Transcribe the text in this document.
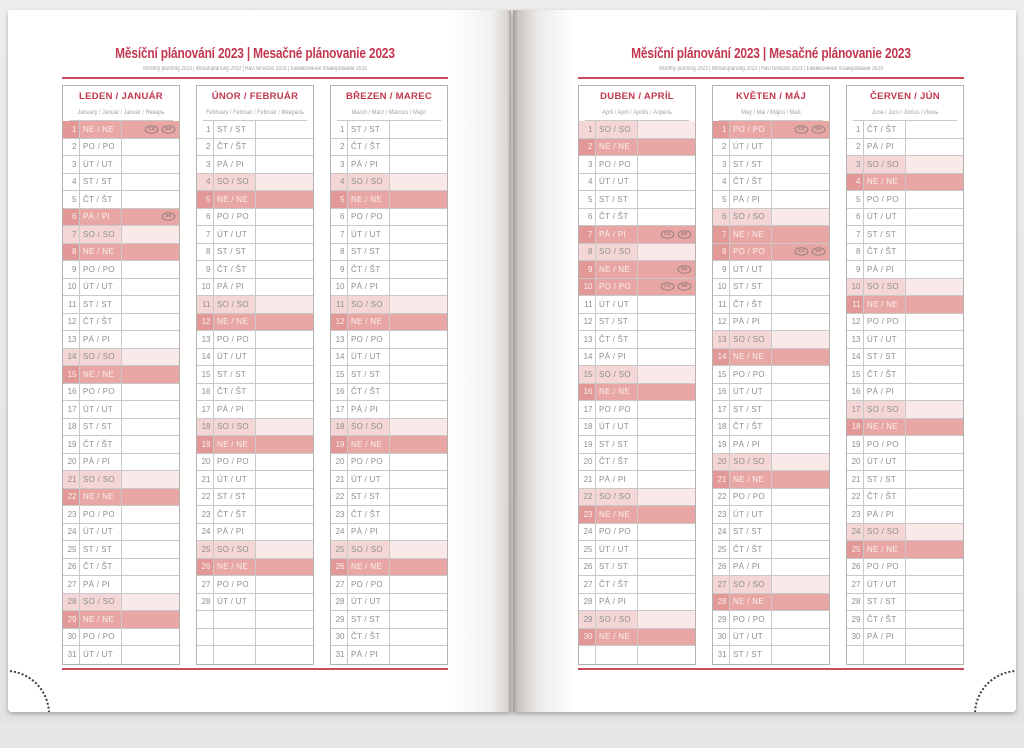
Měsíční plánování 2023 | Mesačné plánovanie 2023
Monthly planning 2023 | Monatsplanung 2023 | Havi tervezés 2023 | Ежемесячное планирование 2023
LEDEN / JANUÁR
January / Januar / Január / Январь
1 NE / NE	CZ	SK
2 PO / PO
3 ÚT / UT
4 ST / ST
5 ČT / ŠT
6 PÁ / PI	SK
7 SO / SO
8 NE / NE
9 PO / PO
10 ÚT / UT
11 ST / ST
12 ČT / ŠT
13 PÁ / PI
14 SO / SO
15 NE / NE
16 PO / PO
17 ÚT / UT
18 ST / ST
19 ČT / ŠT
20 PÁ / PI
21 SO / SO
22 NE / NE
23 PO / PO
24 ÚT / UT
25 ST / ST
26 ČT / ŠT
27 PÁ / PI
28 SO / SO
29 NE / NE
30 PO / PO
31 ÚT / UT
ÚNOR / FEBRUÁR
February / Februar / Február / Февраль
1 ST / ST
2 ČT / ŠT
3 PÁ / PI
4 SO / SO
5 NE / NE
6 PO / PO
7 ÚT / UT
8 ST / ST
9 ČT / ŠT
10 PÁ / PI
11 SO / SO
12 NE / NE
13 PO / PO
14 ÚT / UT
15 ST / ST
16 ČT / ŠT
17 PÁ / PI
18 SO / SO
19 NE / NE
20 PO / PO
21 ÚT / UT
22 ST / ST
23 ČT / ŠT
24 PÁ / PI
25 SO / SO
26 NE / NE
27 PO / PO
28 ÚT / UT
BŘEZEN / MAREC
March / März / Március / Март
1 ST / ST
2 ČT / ŠT
3 PÁ / PI
4 SO / SO
5 NE / NE
6 PO / PO
7 ÚT / UT
8 ST / ST
9 ČT / ŠT
10 PÁ / PI
11 SO / SO
12 NE / NE
13 PO / PO
14 ÚT / UT
15 ST / ST
16 ČT / ŠT
17 PÁ / PI
18 SO / SO
19 NE / NE
20 PO / PO
21 ÚT / UT
22 ST / ST
23 ČT / ŠT
24 PÁ / PI
25 SO / SO
26 NE / NE
27 PO / PO
28 ÚT / UT
29 ST / ST
30 ČT / ŠT
31 PÁ / PI
Měsíční plánování 2023 | Mesačné plánovanie 2023
Monthly planning 2023 | Monatsplanung 2023 | Havi tervezés 2023 | Ежемесячное планирование 2023
DUBEN / APRÍL
April / April / Április / Апрель
1 SO / SO
2 NE / NE
3 PO / PO
4 ÚT / UT
5 ST / ST
6 ČT / ŠT
7 PÁ / PI	CZ	SK
8 SO / SO
9 NE / NE	SK
10 PO / PO	CZ	SK
11 ÚT / UT
12 ST / ST
13 ČT / ŠT
14 PÁ / PI
15 SO / SO
16 NE / NE
17 PO / PO
18 ÚT / UT
19 ST / ST
20 ČT / ŠT
21 PÁ / PI
22 SO / SO
23 NE / NE
24 PO / PO
25 ÚT / UT
26 ST / ST
27 ČT / ŠT
28 PÁ / PI
29 SO / SO
30 NE / NE
KVĚTEN / MÁJ
May / Mai / Május / Май
1 PO / PO	CZ	SK
2 ÚT / UT
3 ST / ST
4 ČT / ŠT
5 PÁ / PI
6 SO / SO
7 NE / NE
8 PO / PO	CZ	SK
9 ÚT / UT
10 ST / ST
11 ČT / ŠT
12 PÁ / PI
13 SO / SO
14 NE / NE
15 PO / PO
16 ÚT / UT
17 ST / ST
18 ČT / ŠT
19 PÁ / PI
20 SO / SO
21 NE / NE
22 PO / PO
23 ÚT / UT
24 ST / ST
25 ČT / ŠT
26 PÁ / PI
27 SO / SO
28 NE / NE
29 PO / PO
30 ÚT / UT
31 ST / ST
ČERVEN / JÚN
June / Juni / Június / Июнь
1 ČT / ŠT
2 PÁ / PI
3 SO / SO
4 NE / NE
5 PO / PO
6 ÚT / UT
7 ST / ST
8 ČT / ŠT
9 PÁ / PI
10 SO / SO
11 NE / NE
12 PO / PO
13 ÚT / UT
14 ST / ST
15 ČT / ŠT
16 PÁ / PI
17 SO / SO
18 NE / NE
19 PO / PO
20 ÚT / UT
21 ST / ST
22 ČT / ŠT
23 PÁ / PI
24 SO / SO
25 NE / NE
26 PO / PO
27 ÚT / UT
28 ST / ST
29 ČT / ŠT
30 PÁ / PI
